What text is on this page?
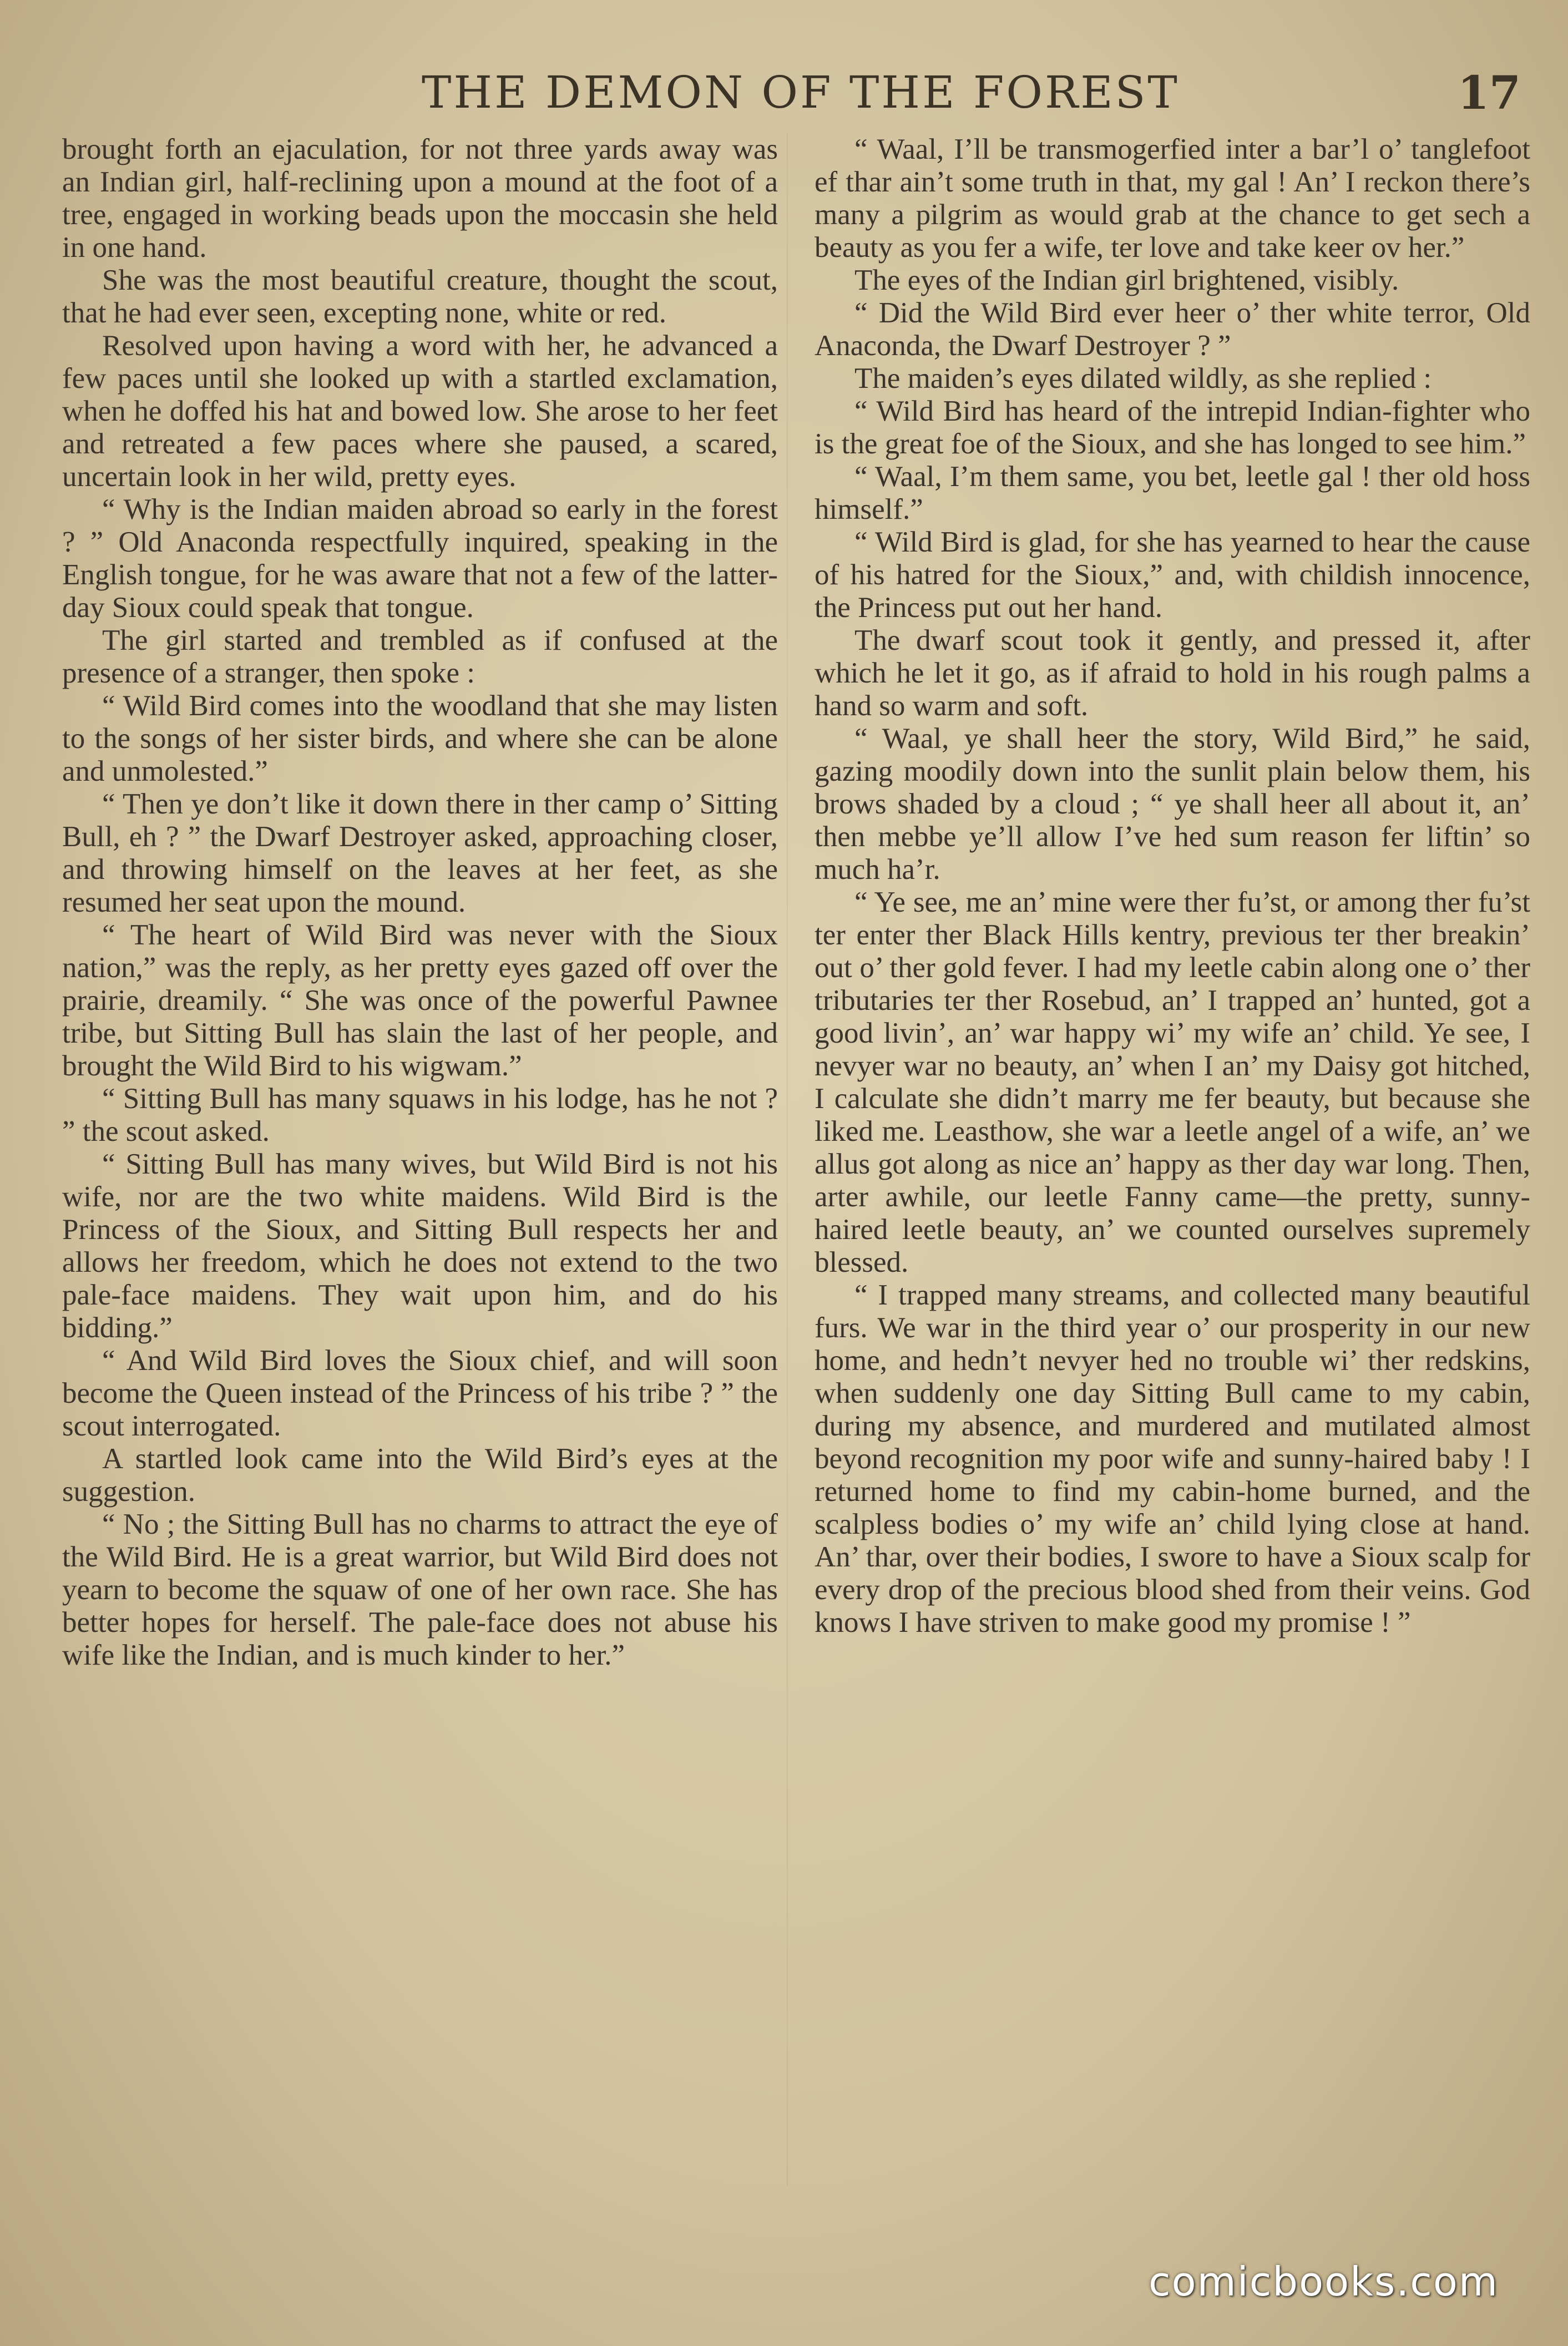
THE DEMON OF THE FOREST	17

brought forth an ejaculation, for not three yards away was an Indian girl, half-reclining upon a mound at the foot of a tree, engaged in working beads upon the moccasin she held in one hand.

She was the most beautiful creature, thought the scout, that he had ever seen, excepting none, white or red.

Resolved upon having a word with her, he advanced a few paces until she looked up with a startled exclamation, when he doffed his hat and bowed low. She arose to her feet and retreated a few paces where she paused, a scared, uncertain look in her wild, pretty eyes.

“ Why is the Indian maiden abroad so early in the forest ? ” Old Anaconda respectfully inquired, speaking in the English tongue, for he was aware that not a few of the latter-day Sioux could speak that tongue.

The girl started and trembled as if confused at the presence of a stranger, then spoke :

“ Wild Bird comes into the woodland that she may listen to the songs of her sister birds, and where she can be alone and unmolested.”

“ Then ye don’t like it down there in ther camp o’ Sitting Bull, eh ? ” the Dwarf Destroyer asked, approaching closer, and throwing himself on the leaves at her feet, as she resumed her seat upon the mound.

“ The heart of Wild Bird was never with the Sioux nation,” was the reply, as her pretty eyes gazed off over the prairie, dreamily. “ She was once of the powerful Pawnee tribe, but Sitting Bull has slain the last of her people, and brought the Wild Bird to his wigwam.”

“ Sitting Bull has many squaws in his lodge, has he not ? ” the scout asked.

“ Sitting Bull has many wives, but Wild Bird is not his wife, nor are the two white maidens. Wild Bird is the Princess of the Sioux, and Sitting Bull respects her and allows her freedom, which he does not extend to the two pale-face maidens. They wait upon him, and do his bidding.”

“ And Wild Bird loves the Sioux chief, and will soon become the Queen instead of the Princess of his tribe ? ” the scout interrogated.

A startled look came into the Wild Bird’s eyes at the suggestion.

“ No ; the Sitting Bull has no charms to attract the eye of the Wild Bird. He is a great warrior, but Wild Bird does not yearn to become the squaw of one of her own race. She has better hopes for herself. The pale-face does not abuse his wife like the Indian, and is much kinder to her.”

“ Waal, I’ll be transmogerfied inter a bar’l o’ tanglefoot ef thar ain’t some truth in that, my gal ! An’ I reckon there’s many a pilgrim as would grab at the chance to get sech a beauty as you fer a wife, ter love and take keer ov her.”

The eyes of the Indian girl brightened, visibly.

“ Did the Wild Bird ever heer o’ ther white terror, Old Anaconda, the Dwarf Destroyer ? ”

The maiden’s eyes dilated wildly, as she replied :

“ Wild Bird has heard of the intrepid Indian-fighter who is the great foe of the Sioux, and she has longed to see him.”

“ Waal, I’m them same, you bet, leetle gal ! ther old hoss himself.”

“ Wild Bird is glad, for she has yearned to hear the cause of his hatred for the Sioux,” and, with childish innocence, the Princess put out her hand.

The dwarf scout took it gently, and pressed it, after which he let it go, as if afraid to hold in his rough palms a hand so warm and soft.

“ Waal, ye shall heer the story, Wild Bird,” he said, gazing moodily down into the sunlit plain below them, his brows shaded by a cloud ; “ ye shall heer all about it, an’ then mebbe ye’ll allow I’ve hed sum reason fer liftin’ so much ha’r.

“ Ye see, me an’ mine were ther fu’st, or among ther fu’st ter enter ther Black Hills kentry, previous ter ther breakin’ out o’ ther gold fever. I had my leetle cabin along one o’ ther tributaries ter ther Rosebud, an’ I trapped an’ hunted, got a good livin’, an’ war happy wi’ my wife an’ child. Ye see, I nevyer war no beauty, an’ when I an’ my Daisy got hitched, I calculate she didn’t marry me fer beauty, but because she liked me. Leasthow, she war a leetle angel of a wife, an’ we allus got along as nice an’ happy as ther day war long. Then, arter awhile, our leetle Fanny came—the pretty, sunny-haired leetle beauty, an’ we counted ourselves supremely blessed.

“ I trapped many streams, and collected many beautiful furs. We war in the third year o’ our prosperity in our new home, and hedn’t nevyer hed no trouble wi’ ther redskins, when suddenly one day Sitting Bull came to my cabin, during my absence, and murdered and mutilated almost beyond recognition my poor wife and sunny-haired baby ! I returned home to find my cabin-home burned, and the scalpless bodies o’ my wife an’ child lying close at hand. An’ thar, over their bodies, I swore to have a Sioux scalp for every drop of the precious blood shed from their veins. God knows I have striven to make good my promise ! ”

comicbooks.com
